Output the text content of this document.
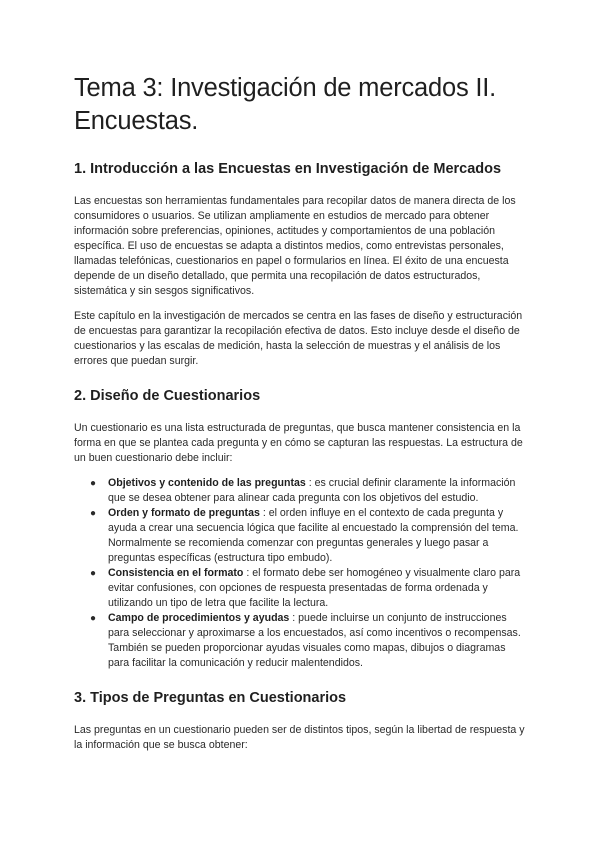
Tema 3: Investigación de mercados II. Encuestas.
1. Introducción a las Encuestas en Investigación de Mercados

Las encuestas son herramientas fundamentales para recopilar datos de manera directa de los consumidores o usuarios. Se utilizan ampliamente en estudios de mercado para obtener información sobre preferencias, opiniones, actitudes y comportamientos de una población específica. El uso de encuestas se adapta a distintos medios, como entrevistas personales, llamadas telefónicas, cuestionarios en papel o formularios en línea. El éxito de una encuesta depende de un diseño detallado, que permita una recopilación de datos estructurados, sistemática y sin sesgos significativos.

Este capítulo en la investigación de mercados se centra en las fases de diseño y estructuración de encuestas para garantizar la recopilación efectiva de datos. Esto incluye desde el diseño de cuestionarios y las escalas de medición, hasta la selección de muestras y el análisis de los errores que puedan surgir.

2. Diseño de Cuestionarios

Un cuestionario es una lista estructurada de preguntas, que busca mantener consistencia en la forma en que se plantea cada pregunta y en cómo se capturan las respuestas. La estructura de un buen cuestionario debe incluir:

● Objetivos y contenido de las preguntas : es crucial definir claramente la información que se desea obtener para alinear cada pregunta con los objetivos del estudio.
● Orden y formato de preguntas : el orden influye en el contexto de cada pregunta y ayuda a crear una secuencia lógica que facilite al encuestado la comprensión del tema. Normalmente se recomienda comenzar con preguntas generales y luego pasar a preguntas específicas (estructura tipo embudo).
● Consistencia en el formato : el formato debe ser homogéneo y visualmente claro para evitar confusiones, con opciones de respuesta presentadas de forma ordenada y utilizando un tipo de letra que facilite la lectura.
● Campo de procedimientos y ayudas : puede incluirse un conjunto de instrucciones para seleccionar y aproximarse a los encuestados, así como incentivos o recompensas. También se pueden proporcionar ayudas visuales como mapas, dibujos o diagramas para facilitar la comunicación y reducir malentendidos.
3. Tipos de Preguntas en Cuestionarios

Las preguntas en un cuestionario pueden ser de distintos tipos, según la libertad de respuesta y la información que se busca obtener:
